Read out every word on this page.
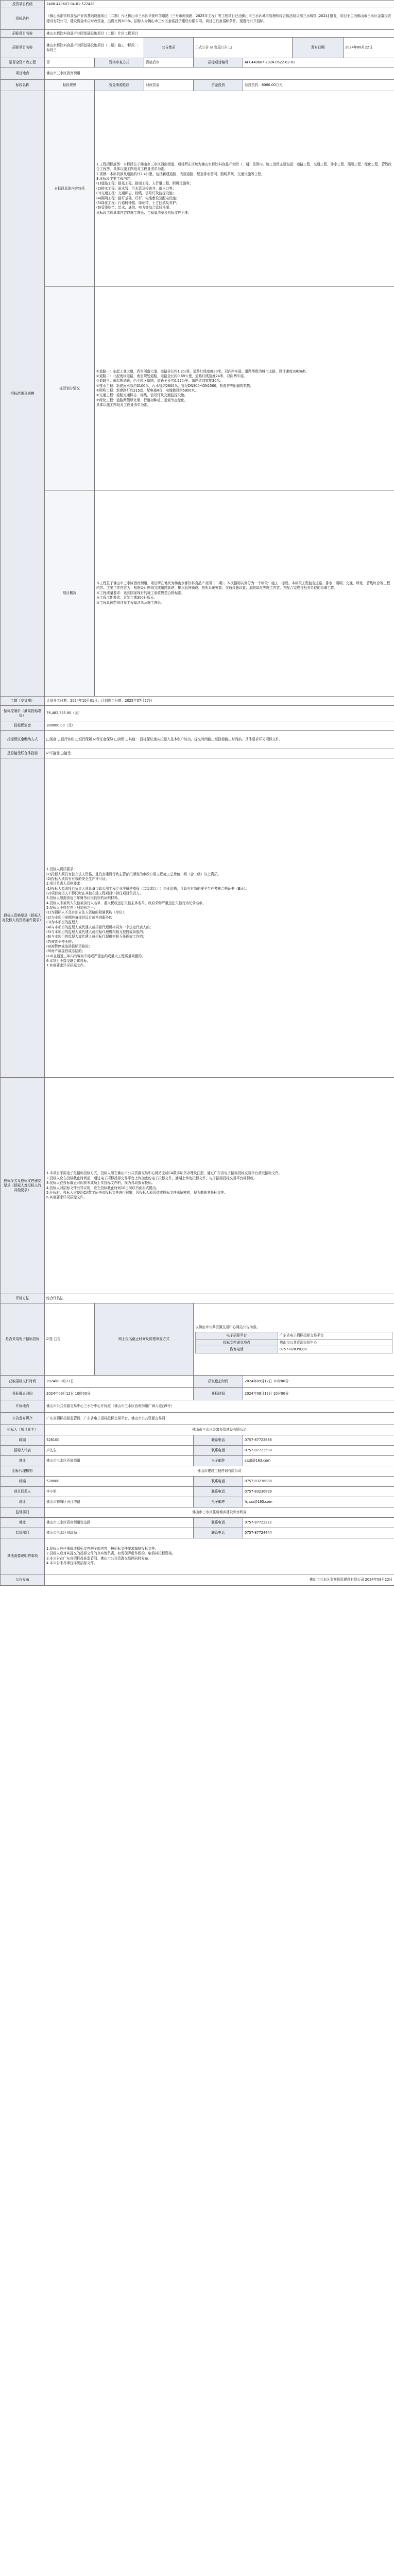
投资项目代码	2408-440607-04-01-522428
招标条件	《佛山水都饮料食品产业园基础设施项目（二期）片区佛山市三水区华夏科学道路（三号市南街路、2025年工程》等工程项目已由佛山市三水区城市管理和综合执法局以佛三水城管 [2024] 批复，项目业主为佛山市三水区金富投资建设有限公司，建设资金来自财政资金，出资比例100%，招标人为佛山市三水区金富投资建设有限公司。项目已具备招标条件，现进行公开招标。
招标项目名称	佛山水都饮料食品产业园基础设施项目（二期）片区工程项目
招标项目名称	佛山水都饮料食品产业园基础设施项目（二期）施工一标段一、标段三	公告性质	正式公告 ☑ 变更公告 □	发布日期	2024年08月22日
是否全资市政工程	否	资格审查方式	资格后审	招标项目编号	AFC440607-2024-0522-03-01
项目地点	佛山市三水区西南街道
标段名称	标段规模	资金来源性质	财政资金	资金投资	总投资约：8000.00万元
招标范围及规模	本标段具体内容包括	

1.工程招标范围：本标段位于佛山市三水区西南街道，项目所在区域为佛山水都饮料食品产业园（二期）范围内。施工范围主要包括：道路工程、交通工程、排水工程、照明工程、绿化工程、管线综合工程等。具体以施工图纸及工程量清单为准。
2.规模：本标段涉及道路约计2.4公里，包括新建道路、改造道路、配套排水管网、照明系统、交通设施等工程。
3.本标段主要工程内容：
(1)道路工程：路基工程、路面工程、人行道工程、附属设施等；
(2)排水工程：雨水管、污水管及检查井、雨水口等；
(3)交通工程：交通标志、标线、信号灯及监控设施；
(4)照明工程：路灯基础、灯杆、电缆敷设及配电设施；
(5)绿化工程：行道树种植、绿化带、土方回填及养护；
(6)管线综合：给水、通信、电力等综合管线预埋。
本标段工程具体内容以施工图纸、工程量清单及招标文件为准。

标段划分情况	

①道路一：东起工业大道，西至西南大道，道路全长约1.2公里，道路红线宽度30米，双向四车道，道路等级为城市支路，设计速度30km/h。
②道路二：北起南区道路，南至规划道路，道路全长约0.68公里，道路红线宽度24米，双向两车道。
③道路三：东起规划路，西至园区道路，道路全长约0.52公里，道路红线宽度20米。
④排水工程：新建雨水管约3100米，污水管约2600米，管径DN300~DN1500，检查井等附属构筑物。
⑤照明工程：新建路灯约215套，配电箱4台，电缆敷设约5800米。
⑥交通工程：道路交通标志、标线、信号灯及交通监控设施。
⑦绿化工程：道路两侧绿化带、行道树种植、景观节点绿化。
具体以施工图纸及工程量清单为准。

项目概况	

本工程位于佛山市三水区西南街道，项目所在地块为佛山水都饮料食品产业园（二期）。本次招标共划分为一个标段：施工一标段。本标段工程包含道路、排水、照明、交通、绿化、管线综合等工程内容。主要工作内容为：根据设计图纸完成道路新建、排水管网铺设、照明系统安装、交通设施设置、道路绿化等施工内容，并配合完成与相关单位的协调工作。
本工程质量要求：达到国家现行的施工验收规范合格标准。
本工程工期要求：计划工期300日历天。
本工程具体范围详见工程量清单及施工图纸。

工期（交货期）	计划开工日期：2024年10月01日；计划竣工日期：2025年07月27日
招标控制价（最高投标限价）	76,482,335.80（元）
投标保证金	300000.00（元）
投标保证金缴纳方式	□现金 □银行转账 □银行保函 ☑保证金保险 □担保 □其他： 投标保证金从投标人基本账户转出，提交时间截止至投标截止时间前。具体要求详见招标文件。
是否接受联合体投标	☑不接受 □接受
投标人资格要求（招标人对投标人的资格条件要求）	

1.投标人资质要求：
(1)投标人须具有独立法人资格，且具备建设行政主管部门颁发的市政公用工程施工总承包二级（含二级）以上资质。
(2)投标人须具有有效的安全生产许可证。
2.项目负责人资格要求：
(1)投标人拟派项目负责人须具备市政公用工程专业注册建造师（二级或以上）执业资格，且具有有效的安全生产考核合格证书（B证）。
(2)项目负责人不得同时在其他在建工程项目中担任项目负责人。
3.投标人须提供近三年财务状况良好的证明材料。
4.投标人未被列入失信被执行人名单、重大税收违法失信主体名单、政府采购严重违法失信行为记录名单。
5.投标人不得存在下列情形之一：
(1)为招标人不具有独立法人资格的附属机构（单位）；
(2)为本项目前期准备提供设计或咨询服务的；
(3)为本项目的监理人；
(4)与本项目的监理人或代建人或招标代理机构同为一个法定代表人的；
(5)与本项目的监理人或代建人或招标代理机构相互控股或参股的；
(6)与本项目的监理人或代建人或招标代理机构相互任职或工作的；
(7)被责令停业的；
(8)被暂停或取消投标资格的；
(9)财产被接管或冻结的；
(10)在最近三年内有骗取中标或严重违约或重大工程质量问题的。
6.本项目不接受联合体投标。
7.其他要求详见招标文件。

投标报名及投标文件递交要求（招标人对投标人的其他要求）	

1.本项目采用电子化招标投标方式，投标人须在佛山市公共资源交易中心网站完成CA数字证书办理及注册，通过广东省电子招标投标交易平台获取招标文件。
2.投标人应在投标截止时间前，通过电子招标投标交易平台上传加密的电子投标文件。逾期上传的投标文件，电子招标投标交易平台将拒收。
3.投标人在投标截止时间前未成功上传投标文件的，视为自动放弃投标。
4.投标人对招标文件有异议的，应在投标截止时间10日前以书面形式提出。
5.开标时，投标人应使用CA数字证书对投标文件进行解密，因投标人原因造成投标文件未解密的，视为撤销其投标文件。
6.其他要求详见招标文件。

评标方法	综合评估法
是否采用电子招标投标	☑是 □否	网上报名截止时间及资格审查方式	
以佛山市公共资源交易中心网站公告为准。
电子招标平台	广东省电子招标投标交易平台
投标文件递交地点	佛山市公共资源交易中心
咨询电话	0757-82839000

获取招标文件时间	2024年08月22日	获取截止时间	2024年09月12日 10时00分
投标截止时间	2024年09月12日 10时00分	开标时间	2024年09月12日 10时00分
开标地点	佛山市公共资源交易中心三水分中心开标室（佛山市三水区西南街道广海大道西9号）
公告发布媒介	广东省招标投标监管网、广东省电子招标投标交易平台、佛山市公共资源交易网
招标人（项目业主）	佛山市三水区金富投资建设有限公司
邮编	528100	联系电话	0757-87722688
招标人代表	卢先生	联系电话	0757-87723598
地址	佛山市三水区西南街道	电子邮件	sszjt@163.com
招标代理机构	佛山市建设工程咨询有限公司
邮编	528000	联系电话	0757-83236888
项目联系人	李小姐	联系电话	0757-83236899
地址	佛山市禅城区汾江中路	电子邮件	fsjszx@163.com
监督部门	佛山市三水区住房城乡建设和水利局
地址	佛山市三水区西南街道张边路	联系电话	0757-87722222
监督部门	佛山市三水区财政局	联系电话	0757-87724444
其他需要说明的事项	

1.投标人应仔细阅读招标文件的全部内容，按招标文件要求编制投标文件。
2.投标人应对其提交的投标文件的真实性负责，如发现弄虚作假的，取消其投标资格。
3.本公告在广东省招标投标监管网、佛山市公共资源交易网同时发布。
4.本公告未尽事宜详见招标文件。

公告发布	佛山市三水区金富投资建设有限公司 2024年08月22日
